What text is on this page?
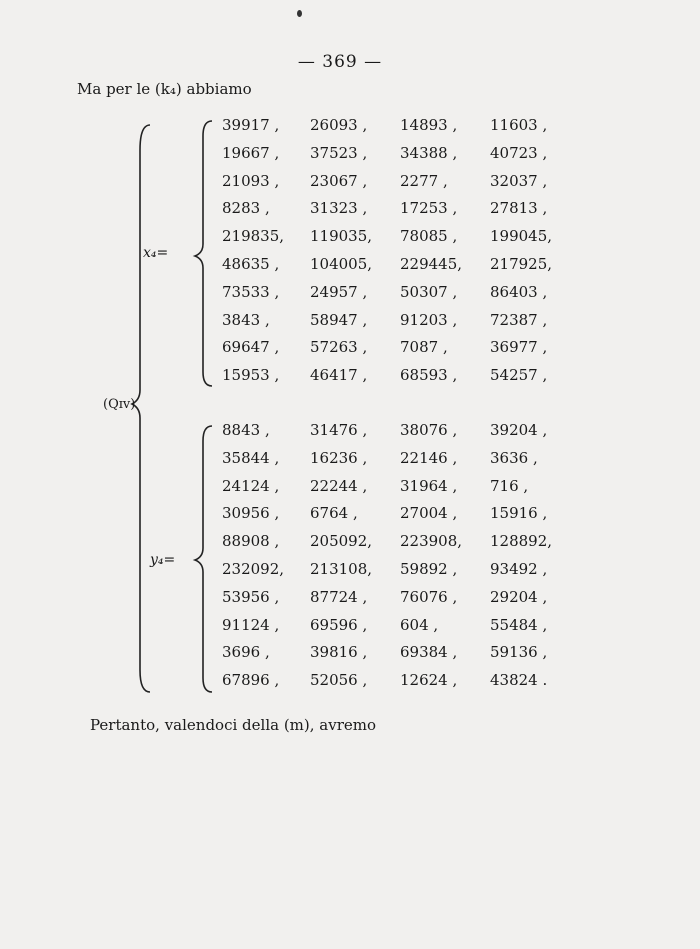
— 369 —
Ma per le (k₄) abbiamo
(Qɪᴠ)
x₄=
y₄=
39917 , 26093 , 14893 , 11603 ,
19667 , 37523 , 34388 , 40723 ,
21093 , 23067 , 2277 ,	32037 ,
8283 ,	31323 , 17253 , 27813 ,
219835, 119035, 78085 , 199045,
48635 , 104005, 229445, 217925,
73533 , 24957 , 50307 , 86403 ,
3843 ,	58947 , 91203 , 72387 ,
69647 , 57263 , 7087 ,	36977 ,
15953 , 46417 , 68593 , 54257 ,
8843 ,	31476 , 38076 , 39204 ,
35844 , 16236 , 22146 , 3636 ,
24124 , 22244 , 31964 , 716 ,
30956 , 6764 ,	27004 , 15916 ,
88908 , 205092, 223908, 128892,
232092, 213108, 59892 , 93492 ,
53956 , 87724 , 76076 , 29204 ,
91124 , 69596 , 604 ,	55484 ,
3696 ,	39816 , 69384 , 59136 ,
67896 , 52056 , 12624 , 43824 .
Pertanto, valendoci della (m), avremo
